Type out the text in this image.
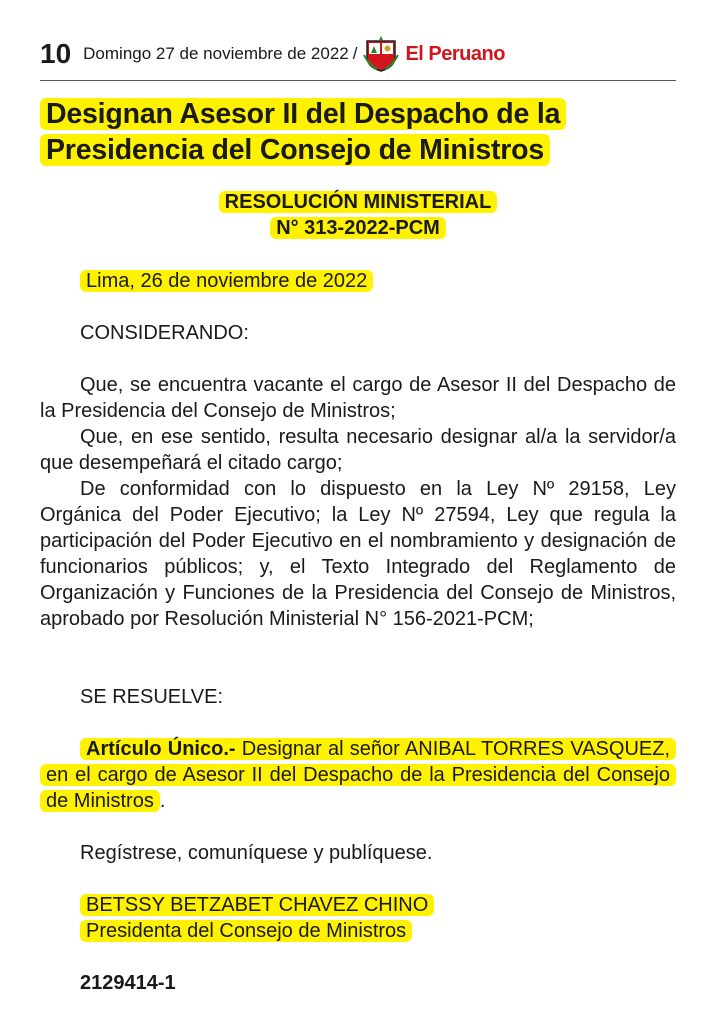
10 Domingo 27 de noviembre de 2022 / El Peruano
Designan Asesor II del Despacho de la
Presidencia del Consejo de Ministros
RESOLUCIÓN MINISTERIAL
N° 313-2022-PCM

Lima, 26 de noviembre de 2022

CONSIDERANDO:

Que, se encuentra vacante el cargo de Asesor II del Despacho de la Presidencia del Consejo de Ministros;

Que, en ese sentido, resulta necesario designar al/a la servidor/a que desempeñará el citado cargo;

De conformidad con lo dispuesto en la Ley Nº 29158, Ley Orgánica del Poder Ejecutivo; la Ley Nº 27594, Ley que regula la participación del Poder Ejecutivo en el nombramiento y designación de funcionarios públicos; y, el Texto Integrado del Reglamento de Organización y Funciones de la Presidencia del Consejo de Ministros, aprobado por Resolución Ministerial N° 156-2021-PCM;

SE RESUELVE:

Artículo Único.- Designar al señor ANIBAL TORRES VASQUEZ, en el cargo de Asesor II del Despacho de la Presidencia del Consejo de Ministros .

Regístrese, comuníquese y publíquese.

BETSSY BETZABET CHAVEZ CHINO

Presidenta del Consejo de Ministros

2129414-1
